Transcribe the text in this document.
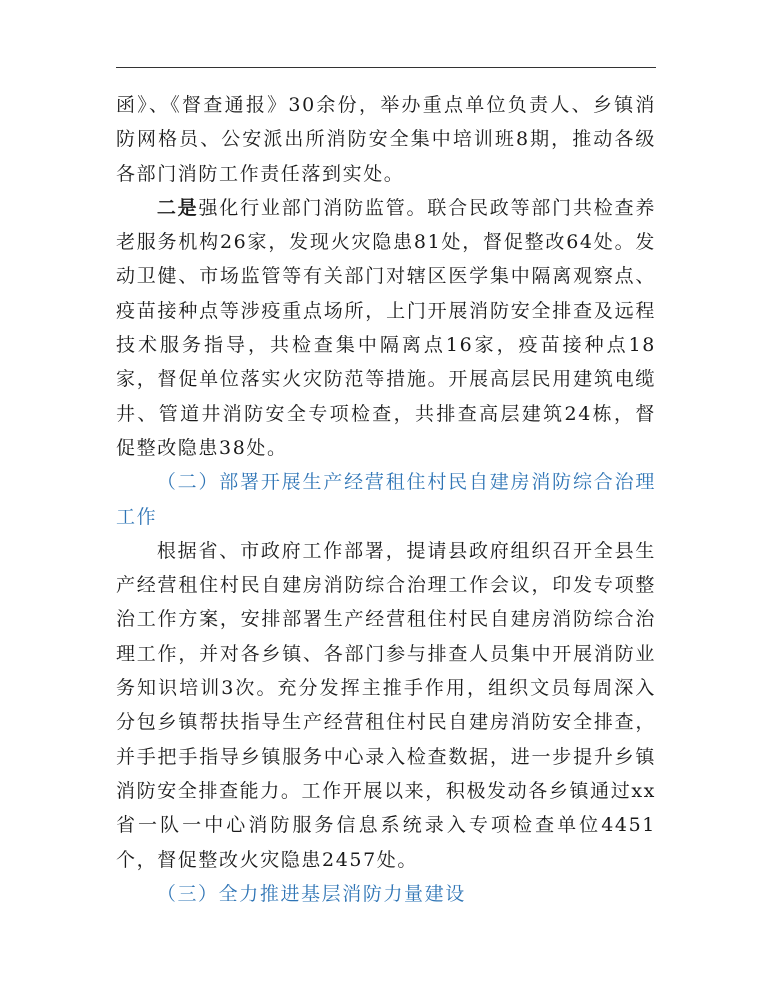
函》、《督查通报》30余份，举办重点单位负责人、乡镇消防网格员、公安派出所消防安全集中培训班8期，推动各级各部门消防工作责任落到实处。

二是强化行业部门消防监管。联合民政等部门共检查养老服务机构26家，发现火灾隐患81处，督促整改64处。发动卫健、市场监管等有关部门对辖区医学集中隔离观察点、疫苗接种点等涉疫重点场所，上门开展消防安全排查及远程技术服务指导，共检查集中隔离点16家，疫苗接种点18家，督促单位落实火灾防范等措施。开展高层民用建筑电缆井、管道井消防安全专项检查，共排查高层建筑24栋，督促整改隐患38处。

（二）部署开展生产经营租住村民自建房消防综合治理工作

根据省、市政府工作部署，提请县政府组织召开全县生产经营租住村民自建房消防综合治理工作会议，印发专项整治工作方案，安排部署生产经营租住村民自建房消防综合治理工作，并对各乡镇、各部门参与排查人员集中开展消防业务知识培训3次。充分发挥主推手作用，组织文员每周深入分包乡镇帮扶指导生产经营租住村民自建房消防安全排查，并手把手指导乡镇服务中心录入检查数据，进一步提升乡镇消防安全排查能力。工作开展以来，积极发动各乡镇通过xx省一队一中心消防服务信息系统录入专项检查单位4451个，督促整改火灾隐患2457处。

（三）全力推进基层消防力量建设
